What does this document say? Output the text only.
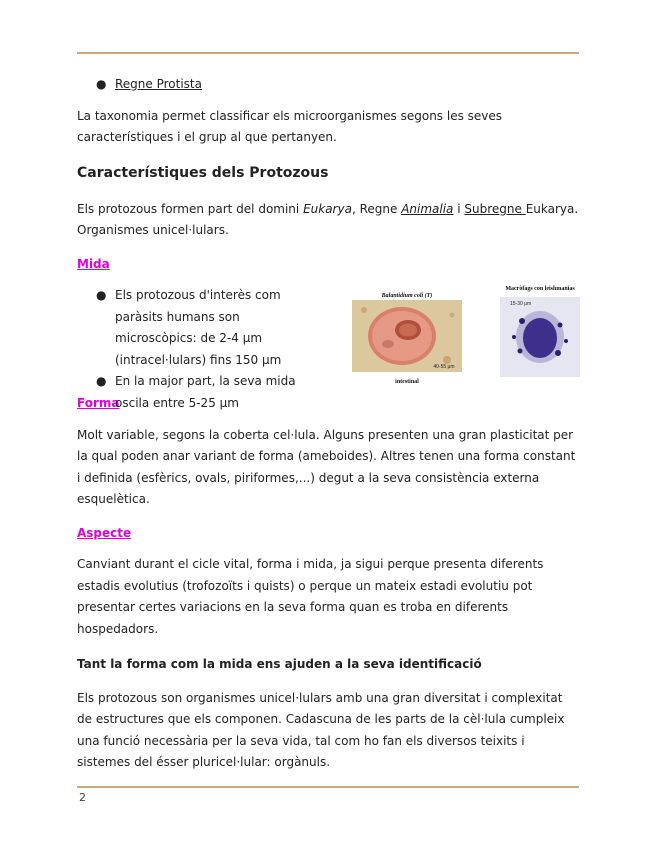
● Regne Protista

La taxonomia permet classificar els microorganismes segons les seves característiques i el grup al que pertanyen.

Característiques dels Protozous

Els protozous formen part del domini Eukarya, Regne Animalia i Subregne Eukarya.
Organismes unicel·lulars.

Mida

● Els protozous d'interès com paràsits humans son microscòpics: de 2-4 μm (intracel·lulars) fins 150 μm
● En la major part, la seva mida oscila entre 5-25 μm
Balantidium coli (T)
40-55 μm
intestinal
Macròfags con leishmanias
15-30 μm

Forma

Molt variable, segons la coberta cel·lula. Alguns presenten una gran plasticitat per la qual poden anar variant de forma (ameboides). Altres tenen una forma constant i definida (esfèrics, ovals, piriformes,...) degut a la seva consistència externa esquelètica.

Aspecte

Canviant durant el cicle vital, forma i mida, ja sigui perque presenta diferents estadis evolutius (trofozoïts i quists) o perque un mateix estadi evolutiu pot presentar certes variacions en la seva forma quan es troba en diferents hospedadors.

Tant la forma com la mida ens ajuden a la seva identificació

Els protozous son organismes unicel·lulars amb una gran diversitat i complexitat de estructures que els componen. Cadascuna de les parts de la cèl·lula cumpleix una funció necessària per la seva vida, tal com ho fan els diversos teixits i sistemes del ésser pluricel·lular: orgànuls.

2
